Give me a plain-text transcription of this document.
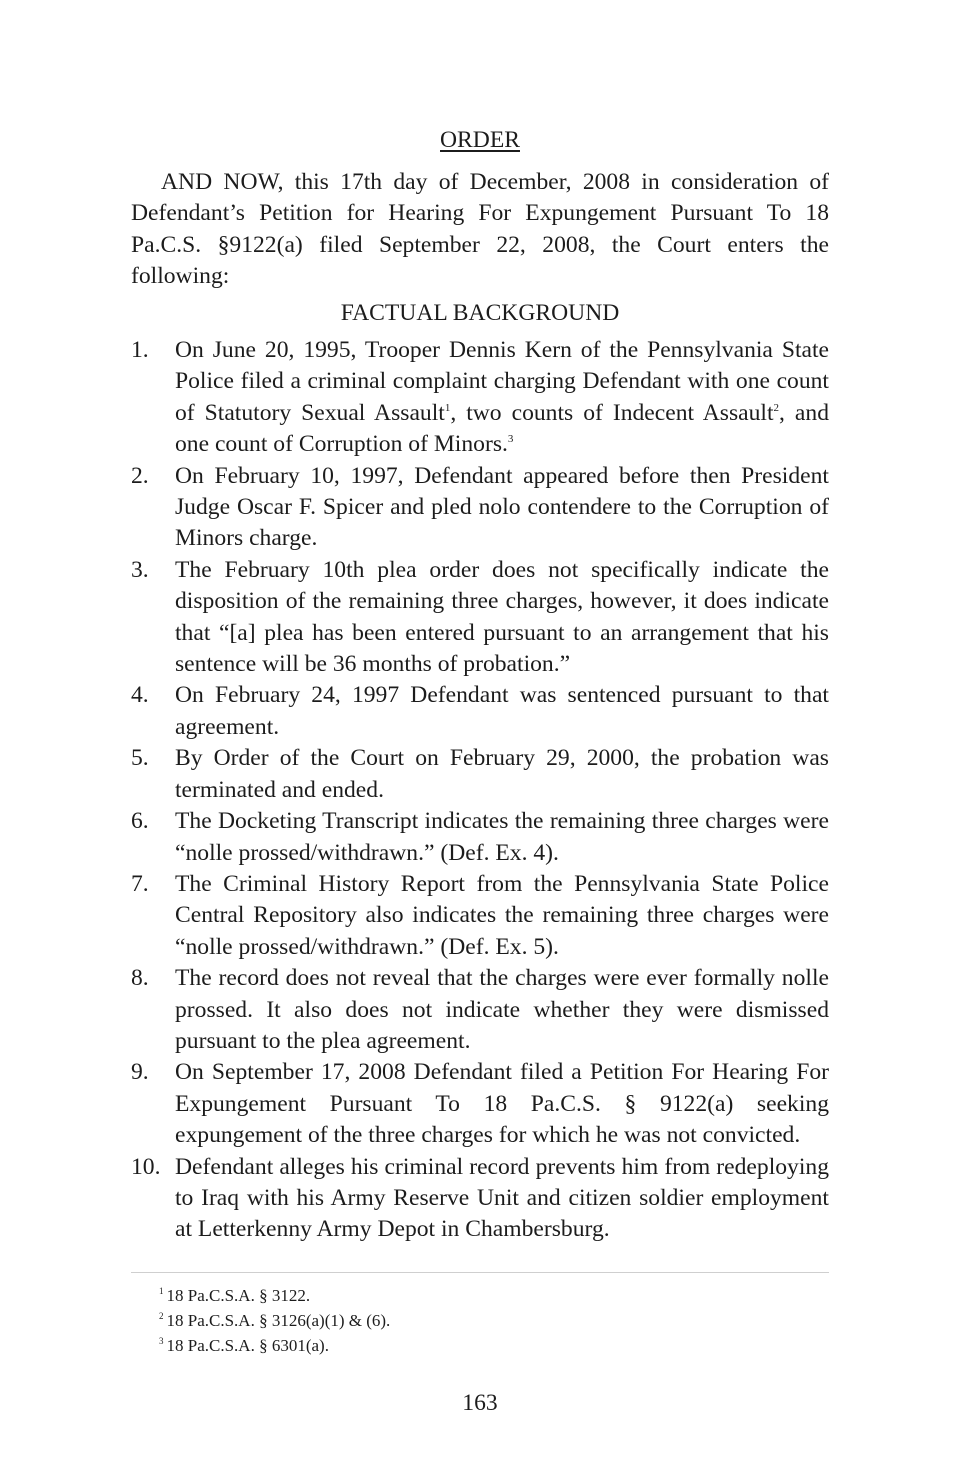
ORDER
AND NOW, this 17th day of December, 2008 in consideration of Defendant’s Petition for Hearing For Expungement Pursuant To 18 Pa.C.S. §9122(a) filed September 22, 2008, the Court enters the following:
FACTUAL BACKGROUND
1.	On June 20, 1995, Trooper Dennis Kern of the Pennsylvania State Police filed a criminal complaint charging Defendant with one count of Statutory Sexual Assault$^1$, two counts of Indecent Assault$^2$, and one count of Corruption of Minors.$^3$
2.	On February 10, 1997, Defendant appeared before then President Judge Oscar F. Spicer and pled nolo contendere to the Corruption of Minors charge.
3.	The February 10th plea order does not specifically indicate the disposition of the remaining three charges, however, it does indicate that “[a] plea has been entered pursuant to an arrangement that his sentence will be 36 months of probation.”
4.	On February 24, 1997 Defendant was sentenced pursuant to that agreement.
5.	By Order of the Court on February 29, 2000, the probation was terminated and ended.
6.	The Docketing Transcript indicates the remaining three charges were “nolle prossed/withdrawn.” (Def. Ex. 4).
7.	The Criminal History Report from the Pennsylvania State Police Central Repository also indicates the remaining three charges were “nolle prossed/withdrawn.” (Def. Ex. 5).
8.	The record does not reveal that the charges were ever formally nolle prossed. It also does not indicate whether they were dismissed pursuant to the plea agreement.
9.	On September 17, 2008 Defendant filed a Petition For Hearing For Expungement Pursuant To 18 Pa.C.S. § 9122(a) seeking expungement of the three charges for which he was not convicted.
10. Defendant alleges his criminal record prevents him from redeploying to Iraq with his Army Reserve Unit and citizen soldier employment at Letterkenny Army Depot in Chambersburg.
$^1$ 18 Pa.C.S.A. § 3122.
$^2$ 18 Pa.C.S.A. § 3126(a)(1) & (6).
$^3$ 18 Pa.C.S.A. § 6301(a).
163
